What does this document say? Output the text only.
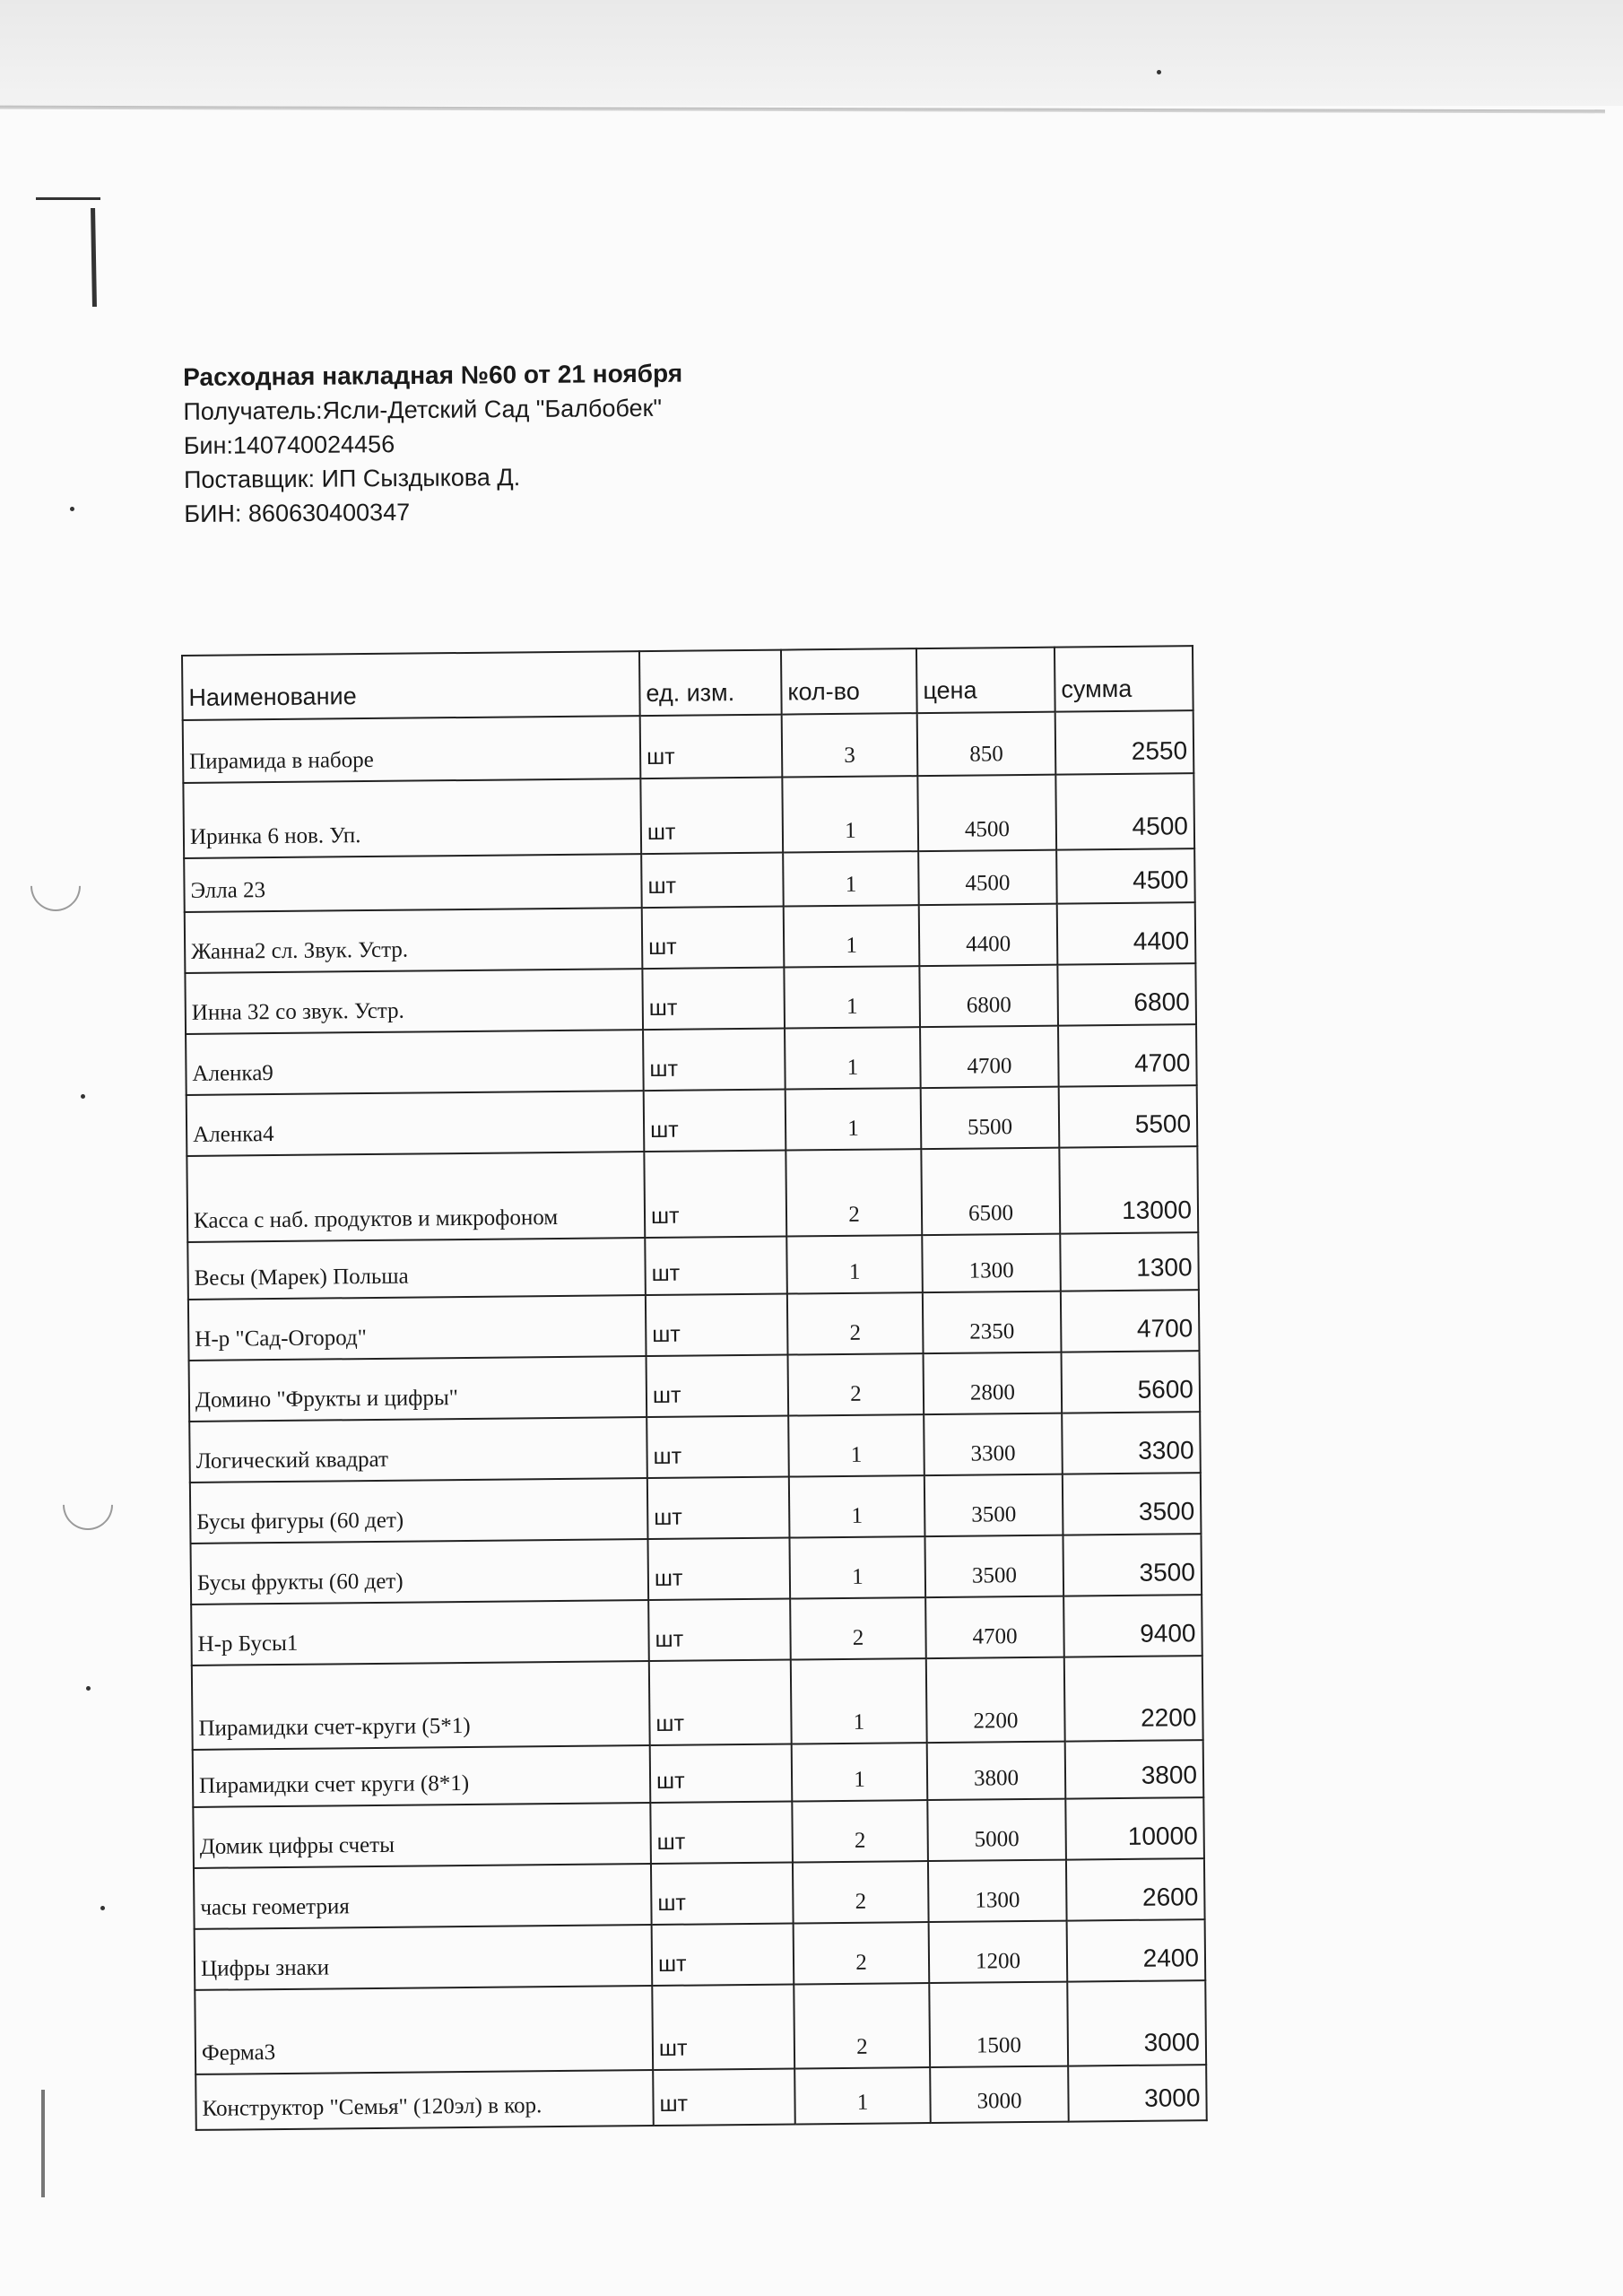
Расходная накладная №60 от 21 ноября
Получатель:Ясли-Детский Сад "Балбобек"
Бин:140740024456
Поставщик: ИП Сыздыкова Д.
БИН: 860630400347
Наименование	ед. изм.	кол-во	цена	сумма
Пирамида в наборе	шт	3	850	2550
Иринка 6 нов. Уп.	шт	1	4500	4500
Элла 23	шт	1	4500	4500
Жанна2 сл. Звук. Устр.	шт	1	4400	4400
Инна 32 со звук. Устр.	шт	1	6800	6800
Аленка9	шт	1	4700	4700
Аленка4	шт	1	5500	5500
Касса с наб. продуктов и микрофоном	шт	2	6500	13000
Весы (Марек) Польша	шт	1	1300	1300
Н-р "Сад-Огород"	шт	2	2350	4700
Домино "Фрукты и цифры"	шт	2	2800	5600
Логический квадрат	шт	1	3300	3300
Бусы фигуры (60 дет)	шт	1	3500	3500
Бусы фрукты (60 дет)	шт	1	3500	3500
Н-р Бусы1	шт	2	4700	9400
Пирамидки счет-круги (5*1)	шт	1	2200	2200
Пирамидки счет круги (8*1)	шт	1	3800	3800
Домик цифры счеты	шт	2	5000	10000
часы геометрия	шт	2	1300	2600
Цифры знаки	шт	2	1200	2400
Ферма3	шт	2	1500	3000
Конструктор "Семья" (120эл) в кор.	шт	1	3000	3000
